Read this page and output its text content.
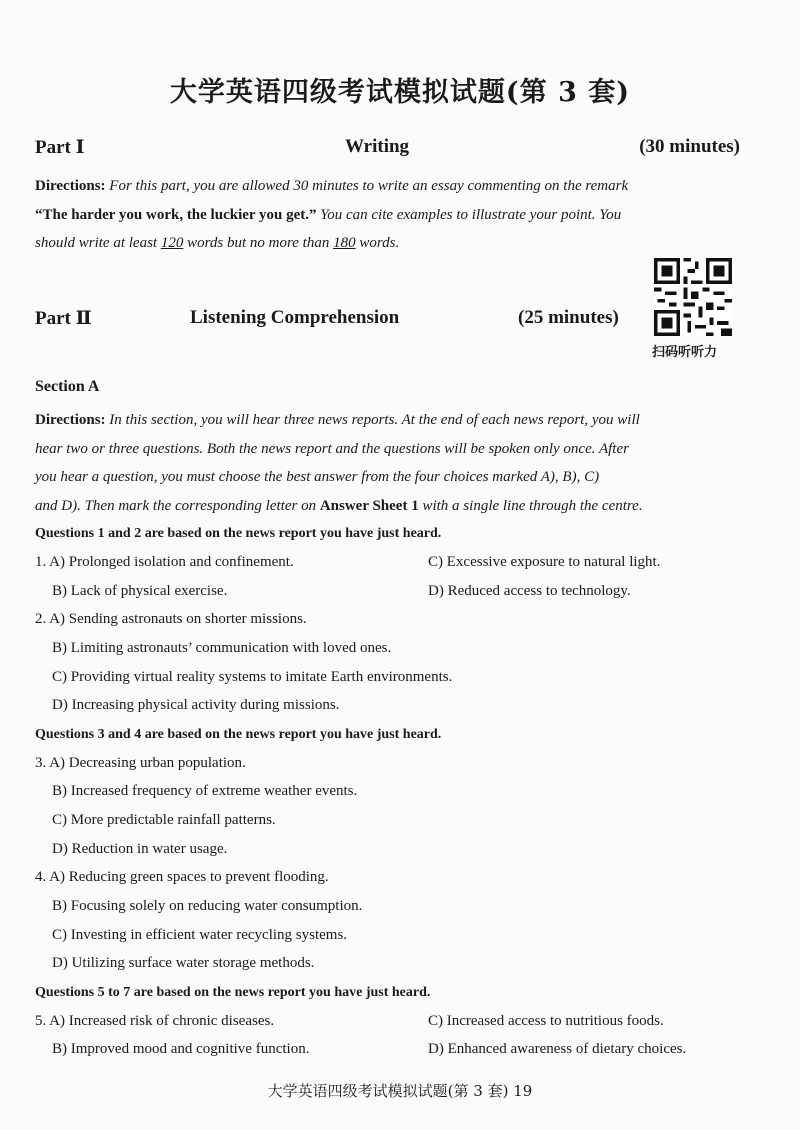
大学英语四级考试模拟试题(第 3 套)
Part Ⅰ	Writing	(30 minutes)
Directions: For this part, you are allowed 30 minutes to write an essay commenting on the remark
“The harder you work, the luckier you get.” You can cite examples to illustrate your point. You
should write at least 120 words but no more than 180 words.
Part Ⅱ	Listening Comprehension	(25 minutes)
扫码听听力
Section A
Directions: In this section, you will hear three news reports. At the end of each news report, you will
hear two or three questions. Both the news report and the questions will be spoken only once. After
you hear a question, you must choose the best answer from the four choices marked A), B), C)
and D). Then mark the corresponding letter on Answer Sheet 1 with a single line through the centre.
Questions 1 and 2 are based on the news report you have just heard.
1. A) Prolonged isolation and confinement.	C) Excessive exposure to natural light.
B) Lack of physical exercise.	D) Reduced access to technology.
2. A) Sending astronauts on shorter missions.
B) Limiting astronauts’ communication with loved ones.
C) Providing virtual reality systems to imitate Earth environments.
D) Increasing physical activity during missions.
Questions 3 and 4 are based on the news report you have just heard.
3. A) Decreasing urban population.
B) Increased frequency of extreme weather events.
C) More predictable rainfall patterns.
D) Reduction in water usage.
4. A) Reducing green spaces to prevent flooding.
B) Focusing solely on reducing water consumption.
C) Investing in efficient water recycling systems.
D) Utilizing surface water storage methods.
Questions 5 to 7 are based on the news report you have just heard.
5. A) Increased risk of chronic diseases.	C) Increased access to nutritious foods.
B) Improved mood and cognitive function.	D) Enhanced awareness of dietary choices.
大学英语四级考试模拟试题(第 3 套) 19
